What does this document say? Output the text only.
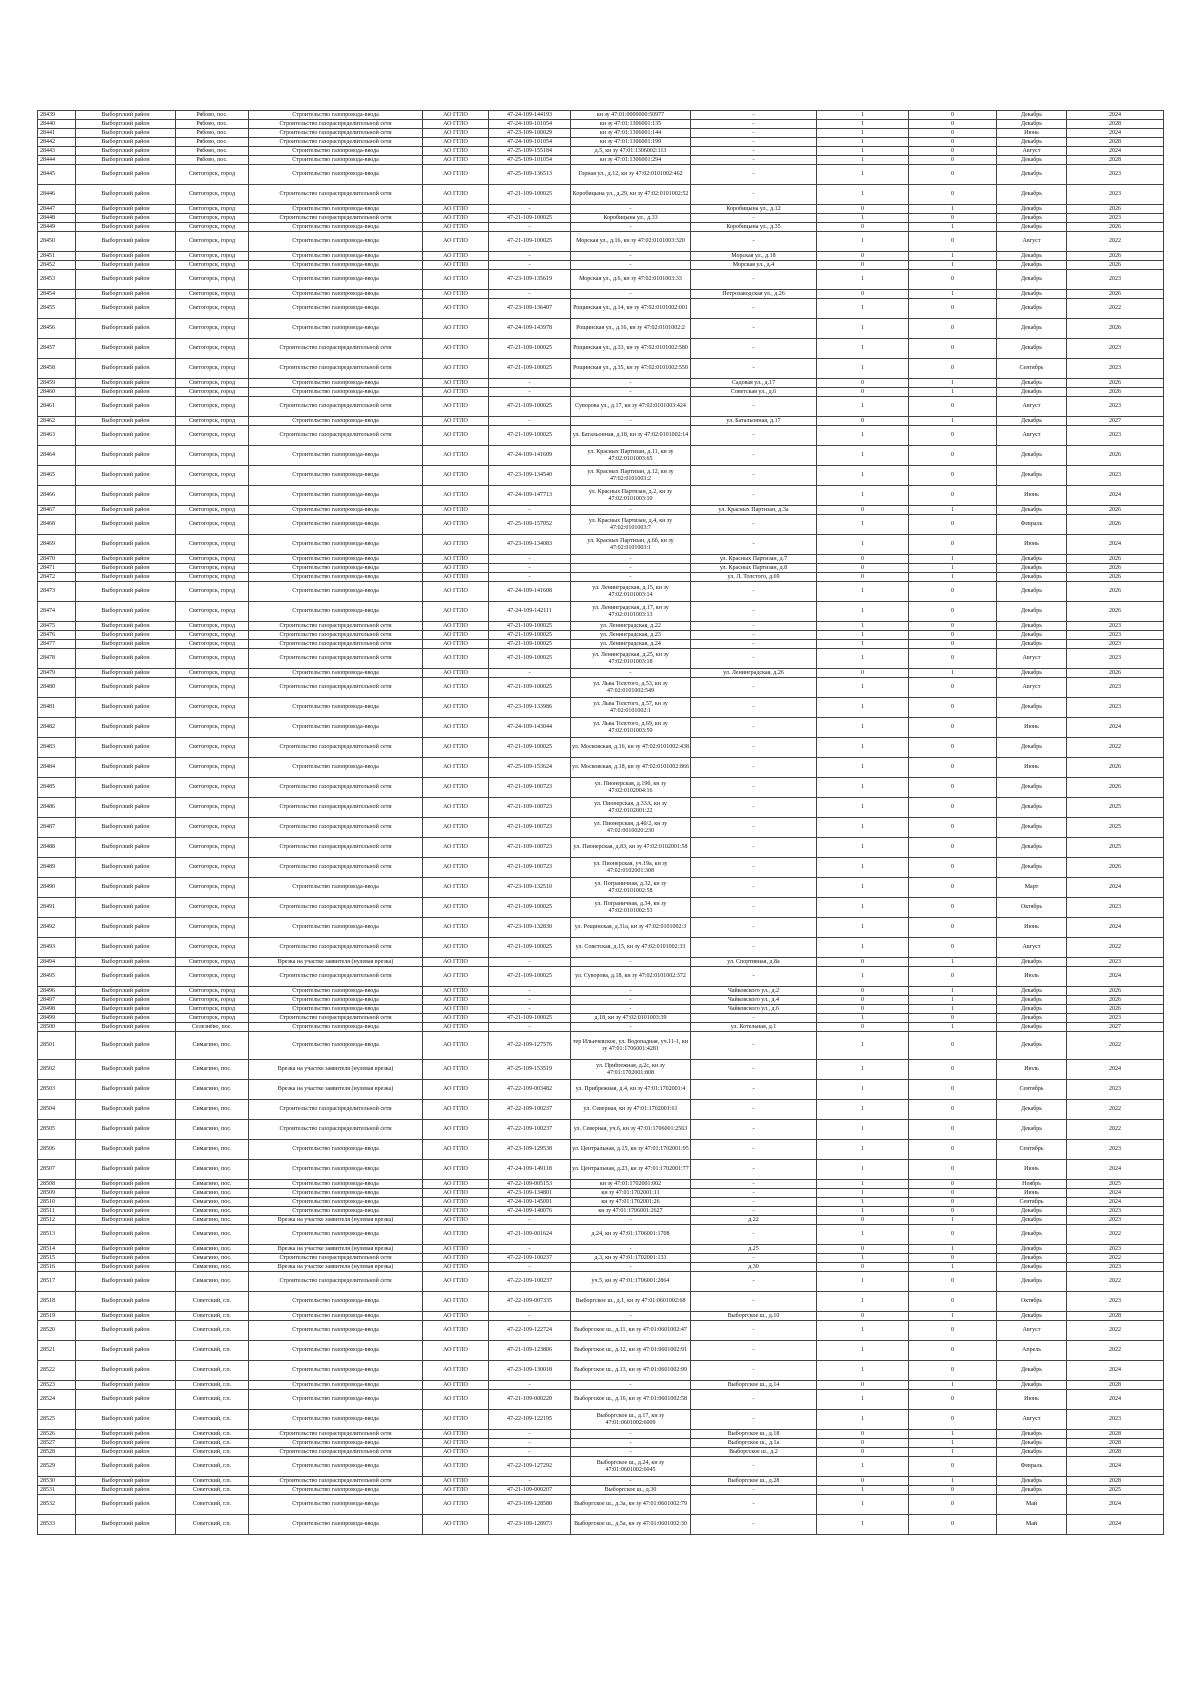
28439	Выборгский район	Рябово, пос.	Строительство газопровода-ввода	АО ГГЛО	47-24-109-144193	кн зу 47:01:0000000:50977	-	1	0	Декабрь	2024
28440	Выборгский район	Рябово, пос.	Строительство газораспределительной сети	АО ГГЛО	47-24-109-101054	кн зу 47:01:1306001:135	-	1	0	Декабрь	2028
28441	Выборгский район	Рябово, пос.	Строительство газораспределительной сети	АО ГГЛО	47-23-109-100029	кн зу 47:01:1306001:144	-	1	0	Июнь	2024
28442	Выборгский район	Рябово, пос.	Строительство газораспределительной сети	АО ГГЛО	47-24-109-101054	кн зу 47:01:1306001:199	-	1	0	Декабрь	2028
28443	Выборгский район	Рябово, пос.	Строительство газопровода-ввода	АО ГГЛО	47-25-109-155184	д.5, кн зу 47:01:1306002:113	-	1	0	Август	2024
28444	Выборгский район	Рябово, пос.	Строительство газопровода-ввода	АО ГГЛО	47-25-109-101054	кн зу 47:01:1306001:294	-	1	0	Декабрь	2028
28445	Выборгский район	Светогорск, город	Строительство газопровода-ввода	АО ГГЛО	47-25-109-136513	Горная ул., д.12, кн зу 47:02:0101002:462	-	1	0	Декабрь	2023
28446	Выборгский район	Светогорск, город	Строительство газораспределительной сети	АО ГГЛО	47-21-109-100025	Коробицына ул., д.29, кн зу 47:02:0101002:52	-	1	0	Декабрь	2023
28447	Выборгский район	Светогорск, город	Строительство газопровода-ввода	АО ГГЛО	-	-	Коробицына ул., д.12	0	1	Декабрь	2026
28448	Выборгский район	Светогорск, город	Строительство газораспределительной сети	АО ГГЛО	47-21-109-100025	Коробицына ул., д.33	-	1	0	Декабрь	2023
28449	Выборгский район	Светогорск, город	Строительство газопровода-ввода	АО ГГЛО	-	-	Коробицына ул., д.35	0	1	Декабрь	2026
28450	Выборгский район	Светогорск, город	Строительство газопровода-ввода	АО ГГЛО	47-21-109-100025	Морская ул., д.16, кн зу 47:02:0101003:320	-	1	0	Август	2022
28451	Выборгский район	Светогорск, город	Строительство газопровода-ввода	АО ГГЛО	-	-	Морская ул., д.18	0	1	Декабрь	2026
28452	Выборгский район	Светогорск, город	Строительство газопровода-ввода	АО ГГЛО	-	-	Морская ул., д.4	0	1	Декабрь	2026
28453	Выборгский район	Светогорск, город	Строительство газопровода-ввода	АО ГГЛО	47-23-109-135619	Морская ул., д.6, кн зу 47:02:0101003:33	-	1	0	Декабрь	2023
28454	Выборгский район	Светогорск, город	Строительство газопровода-ввода	АО ГГЛО	-	-	Петрозаводская ул., д.26	0	1	Декабрь	2026
28455	Выборгский район	Светогорск, город	Строительство газопровода-ввода	АО ГГЛО	47-23-109-136407	Рощинская ул., д.14, кн зу 47:02:0101002:001	-	1	0	Декабрь	2022
28456	Выборгский район	Светогорск, город	Строительство газопровода-ввода	АО ГГЛО	47-24-109-143978	Рощинская ул., д.16, кн зу 47:02:0101002:2	-	1	0	Декабрь	2026
28457	Выборгский район	Светогорск, город	Строительство газораспределительной сети	АО ГГЛО	47-21-109-100025	Рощинская ул., д.33, кн зу 47:02:0101002:580	-	1	0	Декабрь	2023
28458	Выборгский район	Светогорск, город	Строительство газораспределительной сети	АО ГГЛО	47-21-109-100025	Рощинская ул., д.35, кн зу 47:02:0101002:550	-	1	0	Сентябрь	2023
28459	Выборгский район	Светогорск, город	Строительство газопровода-ввода	АО ГГЛО	-	-	Садовая ул., д.17	0	1	Декабрь	2026
28460	Выборгский район	Светогорск, город	Строительство газопровода-ввода	АО ГГЛО	-	-	Советская ул., д.6	0	1	Декабрь	2026
28461	Выборгский район	Светогорск, город	Строительство газораспределительной сети	АО ГГЛО	47-21-109-100025	Суворова ул., д.17, кн зу 47:02:0101003:424	-	1	0	Август	2023
28462	Выборгский район	Светогорск, город	Строительство газопровода-ввода	АО ГГЛО	-	-	ул. Батальонная, д.17	0	1	Декабрь	2027
28463	Выборгский район	Светогорск, город	Строительство газораспределительной сети	АО ГГЛО	47-21-109-100025	ул. Батальонная, д.18, кн зу 47:02:0101002:14	-	1	0	Август	2023
28464	Выборгский район	Светогорск, город	Строительство газопровода-ввода	АО ГГЛО	47-24-109-141609	ул. Красных Партизан, д.11, кн зу 47:02:0101003:65	-	1	0	Декабрь	2026
28465	Выборгский район	Светогорск, город	Строительство газопровода-ввода	АО ГГЛО	47-23-109-134540	ул. Красных Партизан, д.12, кн зу 47:02:0101003:2	-	1	0	Декабрь	2023
28466	Выборгский район	Светогорск, город	Строительство газопровода-ввода	АО ГГЛО	47-24-109-147713	ул. Красных Партизан, д.2, кн зу 47:02:0101003:10	-	1	0	Июнь	2024
28467	Выборгский район	Светогорск, город	Строительство газопровода-ввода	АО ГГЛО	-	-	ул. Красных Партизан, д.3а	0	1	Декабрь	2026
28468	Выборгский район	Светогорск, город	Строительство газопровода-ввода	АО ГГЛО	47-25-109-157052	ул. Красных Партизан, д.4, кн зу 47:02:0101003:7	-	1	0	Февраль	2026
28469	Выборгский район	Светогорск, город	Строительство газопровода-ввода	АО ГГЛО	47-23-109-134083	ул. Красных Партизан, д.6б, кн зу 47:02:0101003:1	-	1	0	Июнь	2024
28470	Выборгский район	Светогорск, город	Строительство газопровода-ввода	АО ГГЛО	-	-	ул. Красных Партизан, д.7	0	1	Декабрь	2026
28471	Выборгский район	Светогорск, город	Строительство газопровода-ввода	АО ГГЛО	-	-	ул. Красных Партизан, д.8	0	1	Декабрь	2026
28472	Выборгский район	Светогорск, город	Строительство газопровода-ввода	АО ГГЛО	-	-	ул. Л. Толстого, д.69	0	1	Декабрь	2026
28473	Выборгский район	Светогорск, город	Строительство газопровода-ввода	АО ГГЛО	47-24-109-141608	ул. Ленинградская, д.15, кн зу 47:02:0101003:14	-	1	0	Декабрь	2026
28474	Выборгский район	Светогорск, город	Строительство газопровода-ввода	АО ГГЛО	47-24-109-142111	ул. Ленинградская, д.17, кн зу 47:02:0101003:13	-	1	0	Декабрь	2026
28475	Выборгский район	Светогорск, город	Строительство газораспределительной сети	АО ГГЛО	47-21-109-100025	ул. Ленинградская, д.22	-	1	0	Декабрь	2023
28476	Выборгский район	Светогорск, город	Строительство газораспределительной сети	АО ГГЛО	47-21-109-100025	ул. Ленинградская, д.23	-	1	0	Декабрь	2023
28477	Выборгский район	Светогорск, город	Строительство газораспределительной сети	АО ГГЛО	47-21-109-100025	ул. Ленинградская, д.24	-	1	0	Декабрь	2023
28478	Выборгский район	Светогорск, город	Строительство газораспределительной сети	АО ГГЛО	47-21-109-100025	ул. Ленинградская, д.25, кн зу 47:02:0101003:18	-	1	0	Август	2023
28479	Выборгский район	Светогорск, город	Строительство газопровода-ввода	АО ГГЛО	-	-	ул. Ленинградская, д.26	0	1	Декабрь	2026
28480	Выборгский район	Светогорск, город	Строительство газораспределительной сети	АО ГГЛО	47-21-109-100025	ул. Льва Толстого, д.53, кн зу 47:02:0101002:549	-	1	0	Август	2023
28481	Выборгский район	Светогорск, город	Строительство газопровода-ввода	АО ГГЛО	47-23-109-133986	ул. Льва Толстого, д.57, кн зу 47:02:0101002:1	-	1	0	Декабрь	2023
28482	Выборгский район	Светогорск, город	Строительство газопровода-ввода	АО ГГЛО	47-24-109-143044	ул. Льва Толстого, д.69, кн зу 47:02:0101003:50	-	1	0	Июнь	2024
28483	Выборгский район	Светогорск, город	Строительство газораспределительной сети	АО ГГЛО	47-21-109-100025	ул. Московская, д.16, кн зу 47:02:0101002:438	-	1	0	Декабрь	2022
28484	Выборгский район	Светогорск, город	Строительство газопровода-ввода	АО ГГЛО	47-25-109-153624	ул. Московская, д.18, кн зу 47:02:0101002:866	-	1	0	Июнь	2026
28485	Выборгский район	Светогорск, город	Строительство газораспределительной сети	АО ГГЛО	47-21-109-100723	ул. Пионерская, д.19б, кн зу 47:02:0102004:16	-	1	0	Декабрь	2026
28486	Выборгский район	Светогорск, город	Строительство газораспределительной сети	АО ГГЛО	47-21-109-100723	ул. Пионерская, д.33А, кн зу 47:02:0102001:22	-	1	0	Декабрь	2025
28487	Выборгский район	Светогорск, город	Строительство газораспределительной сети	АО ГГЛО	47-21-109-100723	ул. Пионерская, д.40/2, кн зу 47:02:0010020:230	-	1	0	Декабрь	2025
28488	Выборгский район	Светогорск, город	Строительство газораспределительной сети	АО ГГЛО	47-21-109-100723	ул. Пионерская, д.83, кн зу 47:02:0102001:58	-	1	0	Декабрь	2025
28489	Выборгский район	Светогорск, город	Строительство газораспределительной сети	АО ГГЛО	47-21-109-100723	ул. Пионерская, уч.19а, кн зу 47:02:0102001:308	-	1	0	Декабрь	2026
28490	Выборгский район	Светогорск, город	Строительство газопровода-ввода	АО ГГЛО	47-23-109-132510	ул. Пограничная, д.32, кн зу 47:02:0101002:58	-	1	0	Март	2024
28491	Выборгский район	Светогорск, город	Строительство газораспределительной сети	АО ГГЛО	47-21-109-100025	ул. Пограничная, д.34, кн зу 47:02:0101002:53	-	1	0	Октябрь	2023
28492	Выборгский район	Светогорск, город	Строительство газопровода-ввода	АО ГГЛО	47-23-109-132830	ул. Рощинская, д.31а, кн зу 47:02:0101002:3	-	1	0	Июнь	2024
28493	Выборгский район	Светогорск, город	Строительство газораспределительной сети	АО ГГЛО	47-21-109-100025	ул. Советская, д.15, кн зу 47:02:0101002:33	-	1	0	Август	2022
28494	Выборгский район	Светогорск, город	Врезка на участке заявителя (нулевая врезка)	АО ГГЛО	-	-	ул. Спортивная, д.8а	0	1	Декабрь	2023
28495	Выборгский район	Светогорск, город	Строительство газораспределительной сети	АО ГГЛО	47-21-109-100025	ул. Суворова, д.18, кн зу 47:02:0101002:372	-	1	0	Июль	2024
28496	Выборгский район	Светогорск, город	Строительство газопровода-ввода	АО ГГЛО	-	-	Чайковского ул., д.2	0	1	Декабрь	2026
28497	Выборгский район	Светогорск, город	Строительство газопровода-ввода	АО ГГЛО	-	-	Чайковского ул., д.4	0	1	Декабрь	2026
28498	Выборгский район	Светогорск, город	Строительство газопровода-ввода	АО ГГЛО	-	-	Чайковского ул., д.6	0	1	Декабрь	2026
28499	Выборгский район	Светогорск, город	Строительство газораспределительной сети	АО ГГЛО	47-21-109-100025	д.18, кн зу 47:02:0101003:39	-	1	0	Декабрь	2023
28500	Выборгский район	Селезнёво, пос.	Строительство газопровода-ввода	АО ГГЛО	-	-	ул. Котельная, д.1	0	1	Декабрь	2027
28501	Выборгский район	Симагино, пос.	Строительство газопровода-ввода	АО ГГЛО	47-22-109-127576	тер Ильичевское, ул. Водопадная, уч.11-1, кн зу 47:01:1706001:4281	-	1	0	Декабрь	2022
28502	Выборгский район	Симагино, пос.	Врезка на участке заявителя (нулевая врезка)	АО ГГЛО	47-25-109-153519	ул. Приbrежная, д.2с, кн зу 47:01:1702001:808	-	1	0	Июль	2024
28503	Выборгский район	Симагино, пос.	Врезка на участке заявителя (нулевая врезка)	АО ГГЛО	47-22-109-003482	ул. Прибрежная, д.4, кн зу 47:01:1702001:4	-	1	0	Сентябрь	2023
28504	Выборгский район	Симагино, пос.	Строительство газораспределительной сети	АО ГГЛО	47-22-109-100237	ул. Северная, кн зу 47:01:1702001:61	-	1	0	Декабрь	2022
28505	Выборгский район	Симагино, пос.	Строительство газораспределительной сети	АО ГГЛО	47-22-109-100237	ул. Северная, уч.6, кн зу 47:01:1706001:2563	-	1	0	Декабрь	2022
28506	Выборгский район	Симагино, пос.	Строительство газопровода-ввода	АО ГГЛО	47-23-109-129538	ул. Центральная, д.15, кн зу 47:01:1702001:95	-	1	0	Сентябрь	2023
28507	Выборгский район	Симагино, пос.	Строительство газопровода-ввода	АО ГГЛО	47-24-109-149118	ул. Центральная, д.23, кн зу 47:01:1702001:77	-	1	0	Июнь	2024
28508	Выборгский район	Симагино, пос.	Строительство газопровода-ввода	АО ГГЛО	47-22-109-005153	кн зу 47:01:1702001:002	-	1	0	Ноябрь	2025
28509	Выборгский район	Симагино, пос.	Строительство газопровода-ввода	АО ГГЛО	47-23-109-134801	кн зу 47:01:1702001:11	-	1	0	Июнь	2024
28510	Выборгский район	Симагино, пос.	Строительство газопровода-ввода	АО ГГЛО	47-24-109-145091	кн зу 47:01:1702001:26	-	1	0	Сентябрь	2024
28511	Выборгский район	Симагино, пос.	Строительство газопровода-ввода	АО ГГЛО	47-24-109-140076	кн зу 47:01:1706001:2627	-	1	0	Декабрь	2023
28512	Выборгский район	Симагино, пос.	Врезка на участке заявителя (нулевая врезка)	АО ГГЛО	-	-	д.22	0	1	Декабрь	2023
28513	Выборгский район	Симагино, пос.	Строительство газопровода-ввода	АО ГГЛО	47-21-109-001624	д.24, кн зу 47:01:1706001:1708	-	1	0	Декабрь	2022
28514	Выборгский район	Симагино, пос.	Врезка на участке заявителя (нулевая врезка)	АО ГГЛО	-	-	д.25	0	1	Декабрь	2023
28515	Выборгский район	Симагино, пос.	Строительство газораспределительной сети	АО ГГЛО	47-22-109-100237	д.3, кн зу 47:01:1702001:133	-	1	0	Декабрь	2022
28516	Выборгский район	Симагино, пос.	Врезка на участке заявителя (нулевая врезка)	АО ГГЛО	-	-	д.30	0	1	Декабрь	2023
28517	Выборгский район	Симагино, пос.	Строительство газораспределительной сети	АО ГГЛО	47-22-109-100237	уч.5, кн зу 47:01:1706001:2864	-	1	0	Декабрь	2022
28518	Выборгский район	Советский, г.п.	Строительство газопровода-ввода	АО ГГЛО	47-22-109-007335	Выборгское ш., д.1, кн зу 47:01:0601002:68	-	1	0	Октябрь	2023
28519	Выборгский район	Советский, г.п.	Строительство газопровода-ввода	АО ГГЛО	-	-	Выборгское ш., д.10	0	1	Декабрь	2028
28520	Выборгский район	Советский, г.п.	Строительство газопровода-ввода	АО ГГЛО	47-22-109-122724	Выборгское ш., д.11, кн зу 47:01:0601002:47	-	1	0	Август	2022
28521	Выборгский район	Советский, г.п.	Строительство газопровода-ввода	АО ГГЛО	47-21-109-123806	Выборгское ш., д.12, кн зу 47:01:0601002:91	-	1	0	Апрель	2022
28522	Выборгский район	Советский, г.п.	Строительство газопровода-ввода	АО ГГЛО	47-23-109-130018	Выборгское ш., д.13, кн зу 47:01:0601002:99	-	1	0	Декабрь	2024
28523	Выборгский район	Советский, г.п.	Строительство газопровода-ввода	АО ГГЛО	-	-	Выборгское ш., д.14	0	1	Декабрь	2028
28524	Выборгский район	Советский, г.п.	Строительство газопровода-ввода	АО ГГЛО	47-21-109-000220	Выборгское ш., д.16, кн зу 47:01:0601002:58	-	1	0	Июнь	2024
28525	Выборгский район	Советский, г.п.	Строительство газопровода-ввода	АО ГГЛО	47-22-109-122195	Выборгское ш., д.17, кн зу 47:01:0601002:6009	-	1	0	Август	2023
28526	Выборгский район	Советский, г.п.	Строительство газораспределительной сети	АО ГГЛО	-	-	Выборгское ш., д.18	0	1	Декабрь	2028
28527	Выборгский район	Советский, г.п.	Строительство газопровода-ввода	АО ГГЛО	-	-	Выборгское ш., д.1а	0	1	Декабрь	2028
28528	Выборгский район	Советский, г.п.	Строительство газораспределительной сети	АО ГГЛО	-	-	Выборгское ш., д.2	0	1	Декабрь	2028
28529	Выборгский район	Советский, г.п.	Строительство газопровода-ввода	АО ГГЛО	47-22-109-127292	Выборгское ш., д.24, кн зу 47:01:0601002:6045	-	1	0	Февраль	2024
28530	Выборгский район	Советский, г.п.	Строительство газораспределительной сети	АО ГГЛО	-	-	Выборгское ш., д.28	0	1	Декабрь	2028
28531	Выборгский район	Советский, г.п.	Строительство газопровода-ввода	АО ГГЛО	47-21-109-000207	Выборгское ш., д.30	-	1	0	Декабрь	2025
28532	Выборгский район	Советский, г.п.	Строительство газопровода-ввода	АО ГГЛО	47-23-109-128580	Выборгское ш., д.3а, кн зу 47:01:0601002:79	-	1	0	Май	2024
28533	Выборгский район	Советский, г.п.	Строительство газопровода-ввода	АО ГГЛО	47-23-109-128973	Выборгское ш., д.5а, кн зу 47:01:0601002:30	-	1	0	Май	2024
